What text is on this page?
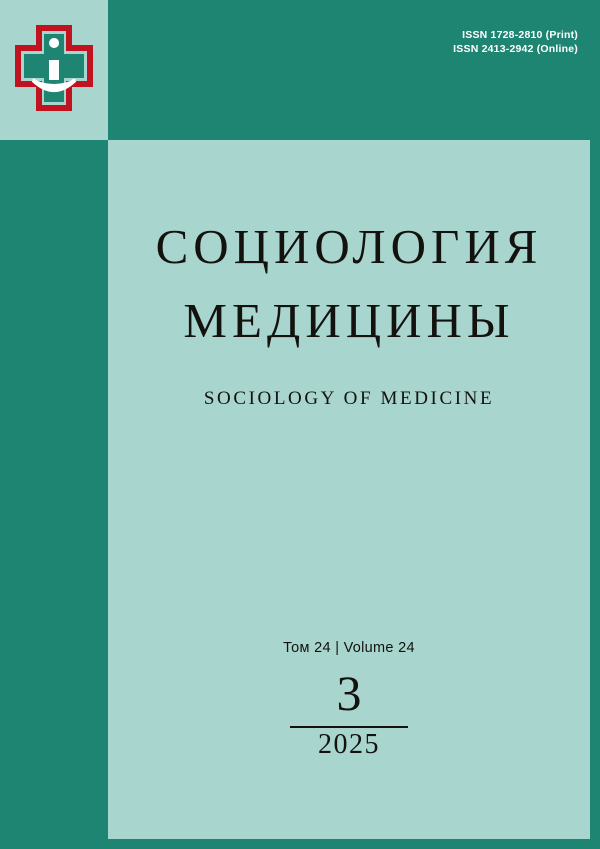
ISSN 1728-2810 (Print)
ISSN 2413-2942 (Online)
СОЦИОЛОГИЯ
МЕДИЦИНЫ
SOCIOLOGY OF MEDICINE
Том 24 | Volume 24
3
2025
